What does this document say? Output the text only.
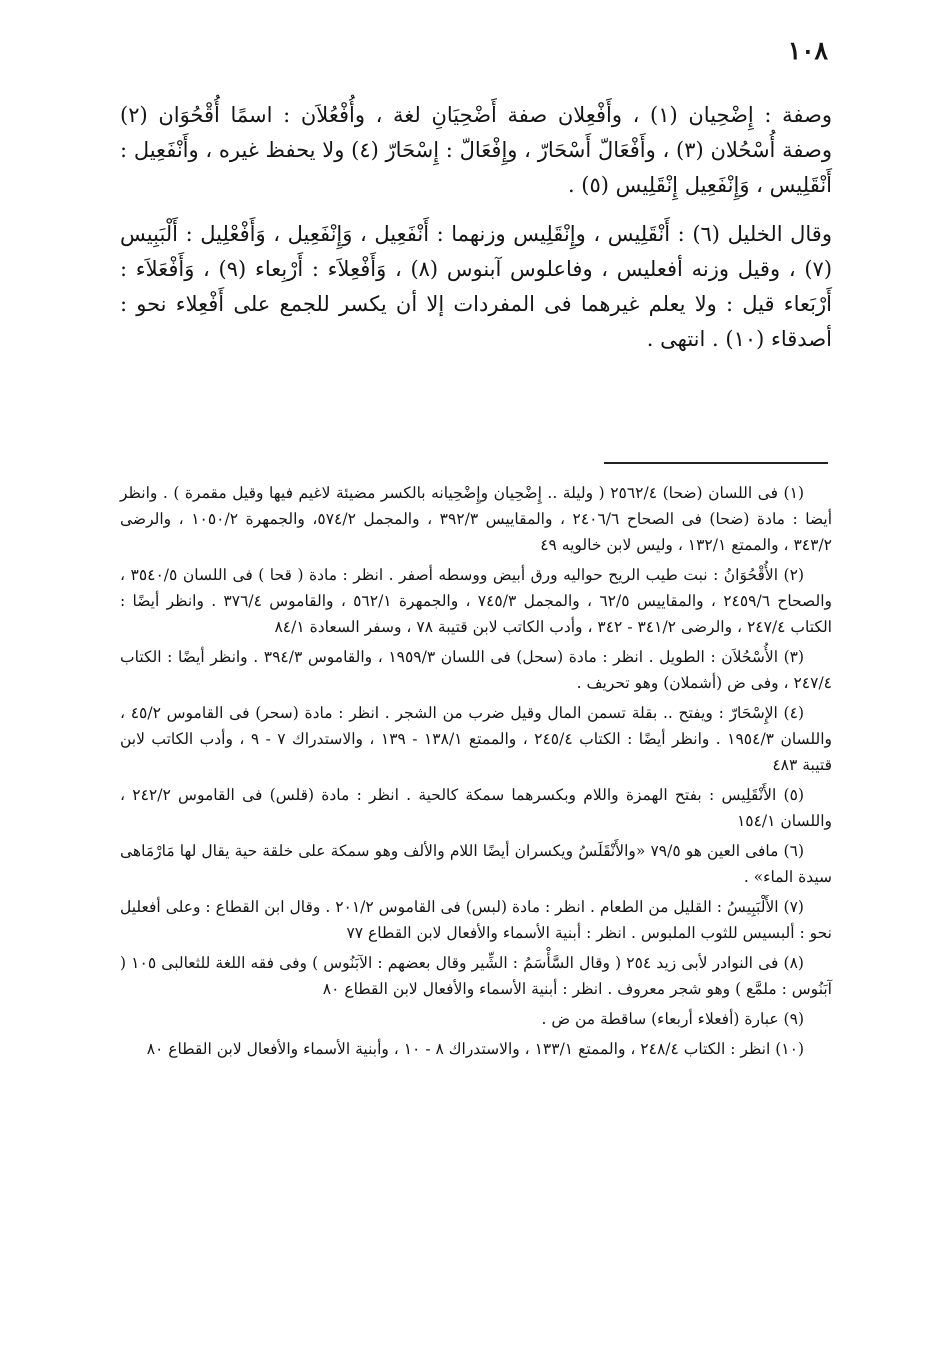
١٠٨

وصفة : إِضْحِيان (١) ، وأَفْعِلان صفة أَضْحِيَانِ لغة ، وأُفْعُلاَن : اسمًا أُقْحُوَان (٢) وصفة أُسْحُلان (٣) ، وأَفْعَالّ أَسْحَارّ ، وإِفْعَالّ : إِسْحَارّ (٤) ولا يحفظ غيره ، وأَنْفَعِيل : أَنْقَلِيس ، وَإِنْفَعِيل إِنْقَلِيس (٥) .

وقال الخليل (٦) : أَنْقَلِيس ، وإِنْقَلِيس وزنهما : أَنْفَعِيل ، وَإِنْفَعِيل ، وَأَفْعْلِيل : أَلْبَبِيس (٧) ، وقيل وزنه أفعليس ، وفاعلوس آبنوس (٨) ، وَأَفْعِلاَء : أَرْبِعاء (٩) ، وَأَفْعَلاَء : أَرْبَعاء قيل : ولا يعلم غيرهما فى المفردات إلا أن يكسر للجمع على أَفْعِلاء نحو : أصدقاء (١٠) . انتهى .

(١) فى اللسان (ضحا) ٢٥٦٢/٤ ( وليلة .. إِضْحِيان وإِضْحِيانه بالكسر مضيئة لاغيم فيها وقيل مقمرة ) . وانظر أيضا : مادة (ضحا) فى الصحاح ٢٤٠٦/٦ ، والمقاييس ٣٩٢/٣ ، والمجمل ٥٧٤/٢، والجمهرة ١٠٥٠/٢ ، والرضى ٣٤٣/٢ ، والممتع ١٣٢/١ ، وليس لابن خالويه ٤٩

(٢) الأُقْحُوَانُ : نبت طيب الريح حواليه ورق أبيض ووسطه أصفر . انظر : مادة ( قحا ) فى اللسان ٣٥٤٠/٥ ، والصحاح ٢٤٥٩/٦ ، والمقاييس ٦٢/٥ ، والمجمل ٧٤٥/٣ ، والجمهرة ٥٦٢/١ ، والقاموس ٣٧٦/٤ . وانظر أيضًا : الكتاب ٢٤٧/٤ ، والرضى ٣٤١/٢ - ٣٤٢ ، وأدب الكاتب لابن قتيبة ٧٨ ، وسفر السعادة ٨٤/١

(٣) الأُسْحُلاَن : الطويل . انظر : مادة (سحل) فى اللسان ١٩٥٩/٣ ، والقاموس ٣٩٤/٣ . وانظر أيضًا : الكتاب ٢٤٧/٤ ، وفى ض (أشملان) وهو تحريف .

(٤) الإِسْحَارّ : ويفتح .. بقلة تسمن المال وقيل ضرب من الشجر . انظر : مادة (سحر) فى القاموس ٤٥/٢ ، واللسان ١٩٥٤/٣ . وانظر أيضًا : الكتاب ٢٤٥/٤ ، والممتع ١٣٨/١ - ١٣٩ ، والاستدراك ٧ - ٩ ، وأدب الكاتب لابن قتيبة ٤٨٣

(٥) الأَنْقَلِيس : بفتح الهمزة واللام وبكسرهما سمكة كالحية . انظر : مادة (قلس) فى القاموس ٢٤٢/٢ ، واللسان ١٥٤/١

(٦) مافى العين هو ٧٩/٥ «والأَنْقَلَسُ ويكسران أيضًا اللام والألف وهو سمكة على خلقة حية يقال لها مَارْمَاهى سيدة الماء» .

(٧) الأَلْبَبِيسُ : القليل من الطعام . انظر : مادة (لبس) فى القاموس ٢٠١/٢ . وقال ابن القطاع : وعلى أفعليل نحو : ألبسيس للثوب الملبوس . انظر : أبنية الأسماء والأفعال لابن القطاع ٧٧

(٨) فى النوادر لأبى زيد ٢٥٤ ( وقال السَّأْسَمُ : الشِّير وقال بعضهم : الآبَنُوس ) وفى فقه اللغة للثعالبى ١٠٥ ( آبَنُوس : ملمَّع ) وهو شجر معروف . انظر : أبنية الأسماء والأفعال لابن القطاع ٨٠

(٩) عبارة (أفعلاء أربعاء) ساقطة من ض .

(١٠) انظر : الكتاب ٢٤٨/٤ ، والممتع ١٣٣/١ ، والاستدراك ٨ - ١٠ ، وأبنية الأسماء والأفعال لابن القطاع ٨٠
